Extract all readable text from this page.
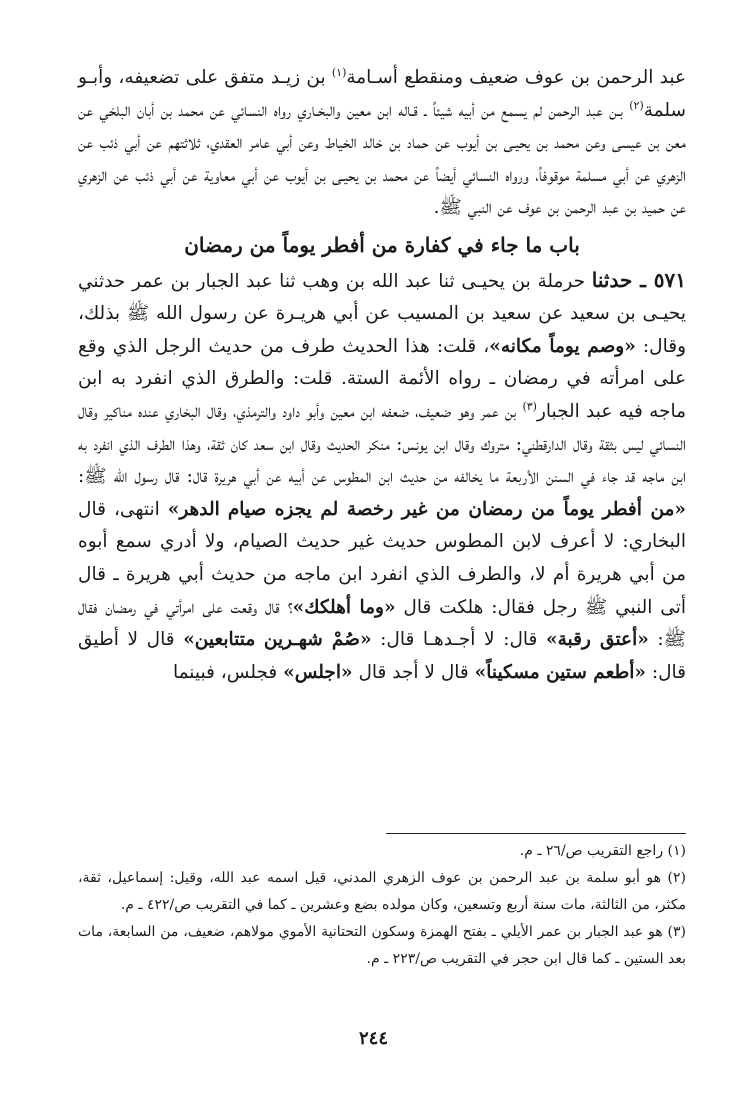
عبد الرحمن بن عوف ضعيف ومنقطع أسـامة$^{(١)}$ بن زيـد متفق على تضعيفه، وأبـو سلمة$^{(٢)}$ بـن عبد الرحمن لم يسمع من أبيه شيئاً ـ قـاله ابن معين والبخـاري رواه النسائي عن محمد بن أبان البلخي عن معن بن عيسى وعن محمد بن يحيـى بن أيوب عن حماد بن خالد الخياط وعن أبي عامر العقدي، ثلاثتهم عن أبي ذئب عن الزهري عن أبي مسلمة موقوفاً، ورواه النسائي أيضاً عن محمد بن يحيـى بن أيوب عن أبي معاوية عن أبي ذئب عن الزهري عن حميد بن عبد الرحمن بن عوف عن النبي ﷺ.

باب ما جاء في كفارة من أفطر يوماً من رمضان

٥٧١ ـ حدثنا حرملة بن يحيـى ثنا عبد الله بن وهب ثنا عبد الجبار بن عمر حدثني يحيـى بن سعيد عن سعيد بن المسيب عن أبي هريـرة عن رسول الله ﷺ بذلك، وقال: «وصم يوماً مكانه»، قلت: هذا الحديث طرف من حديث الرجل الذي وقع على امرأته في رمضان ـ رواه الأئمة الستة. قلت: والطرق الذي انفرد به ابن ماجه فيه عبد الجبار$^{(٣)}$ بن عمر وهو ضعيف، ضعفه ابن معين وأبو داود والترمذي، وقال البخاري عنده مناكير وقال النسائي ليس بثقة وقال الدارقطني: متروك وقال ابن يونس: منكر الحديث وقال ابن سعد كان ثقة، وهذا الطرف الذي انفرد به ابن ماجه قد جاء في السنن الأربعة ما يخالفه من حديث ابن المطوس عن أبيه عن أبي هريرة قال: قال رسول الله ﷺ: «من أفطر يوماً من رمضان من غير رخصة لم يجزه صيام الدهر» انتهى، قال البخاري: لا أعرف لابن المطوس حديث غير حديث الصيام، ولا أدري سمع أبوه من أبي هريرة أم لا، والطرف الذي انفرد ابن ماجه من حديث أبي هريرة ـ قال أتى النبي ﷺ رجل فقال: هلكت قال «وما أهلكك»؟ قال وقعت على امرأتي في رمضان فقال ﷺ: «أعتق رقبة» قال: لا أجـدهـا قال: «صُمْ شهـرين متتابعين» قال لا أطيق قال: «أطعم ستين مسكيناً» قال لا أجد قال «اجلس» فجلس، فبينما

(١) راجع التقريب ص/٢٦ ـ م.

(٢) هو أبو سلمة بن عبد الرحمن بن عوف الزهري المدني، قيل اسمه عبد الله، وقيل: إسماعيل، ثقة، مكثر، من الثالثة، مات سنة أربع وتسعين، وكان مولده بضع وعشرين ـ كما في التقريب ص/٤٢٢ ـ م.

(٣) هو عبد الجبار بن عمر الأيلي ـ بفتح الهمزة وسكون التحتانية الأموي مولاهم، ضعيف، من السابعة، مات بعد الستين ـ كما قال ابن حجر في التقريب ص/٢٢٣ ـ م.

٢٤٤
